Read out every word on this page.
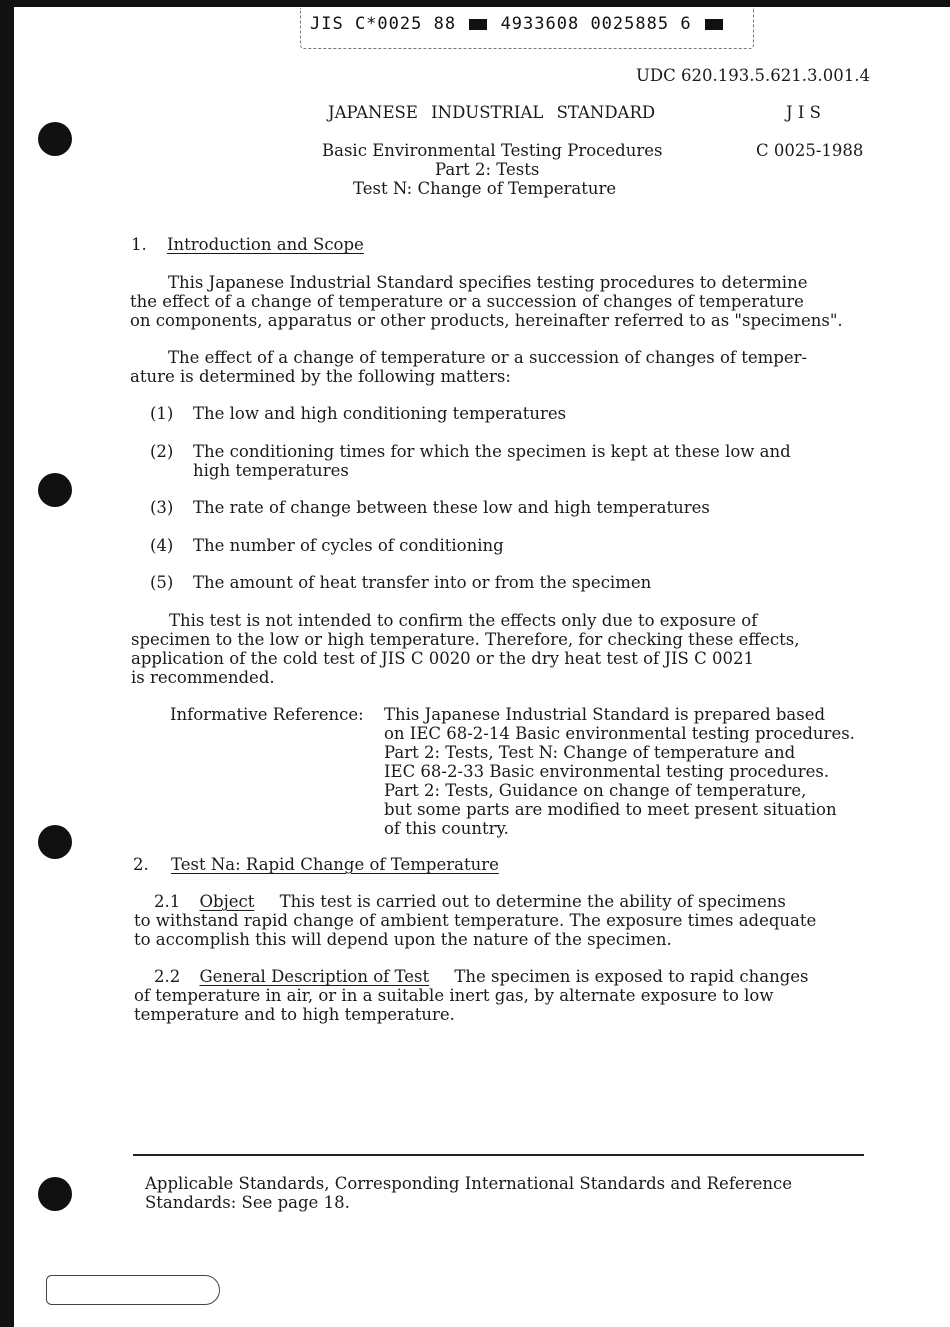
JIS C*0025 88	4933608 0025885 6
UDC 620.193.5.621.3.001.4
JAPANESE INDUSTRIAL STANDARD	J I S
Basic Environmental Testing Procedures	C 0025-1988
Part 2: Tests
Test N: Change of Temperature
1. Introduction and Scope
This Japanese Industrial Standard specifies testing procedures to determine
the effect of a change of temperature or a succession of changes of temperature
on components, apparatus or other products, hereinafter referred to as "specimens".
The effect of a change of temperature or a succession of changes of temper-
ature is determined by the following matters:
(1) The low and high conditioning temperatures
(2) The conditioning times for which the specimen is kept at these low and
high temperatures
(3) The rate of change between these low and high temperatures
(4) The number of cycles of conditioning
(5) The amount of heat transfer into or from the specimen
This test is not intended to confirm the effects only due to exposure of
specimen to the low or high temperature. Therefore, for checking these effects,
application of the cold test of JIS C 0020 or the dry heat test of JIS C 0021
is recommended.
Informative Reference: This Japanese Industrial Standard is prepared based
on IEC 68-2-14 Basic environmental testing procedures.
Part 2: Tests, Test N: Change of temperature and
IEC 68-2-33 Basic environmental testing procedures.
Part 2: Tests, Guidance on change of temperature,
but some parts are modified to meet present situation
of this country.
2. Test Na: Rapid Change of Temperature
2.1 Object This test is carried out to determine the ability of specimens
to withstand rapid change of ambient temperature. The exposure times adequate
to accomplish this will depend upon the nature of the specimen.
2.2 General Description of Test The specimen is exposed to rapid changes
of temperature in air, or in a suitable inert gas, by alternate exposure to low
temperature and to high temperature.
Applicable Standards, Corresponding International Standards and Reference
Standards: See page 18.
